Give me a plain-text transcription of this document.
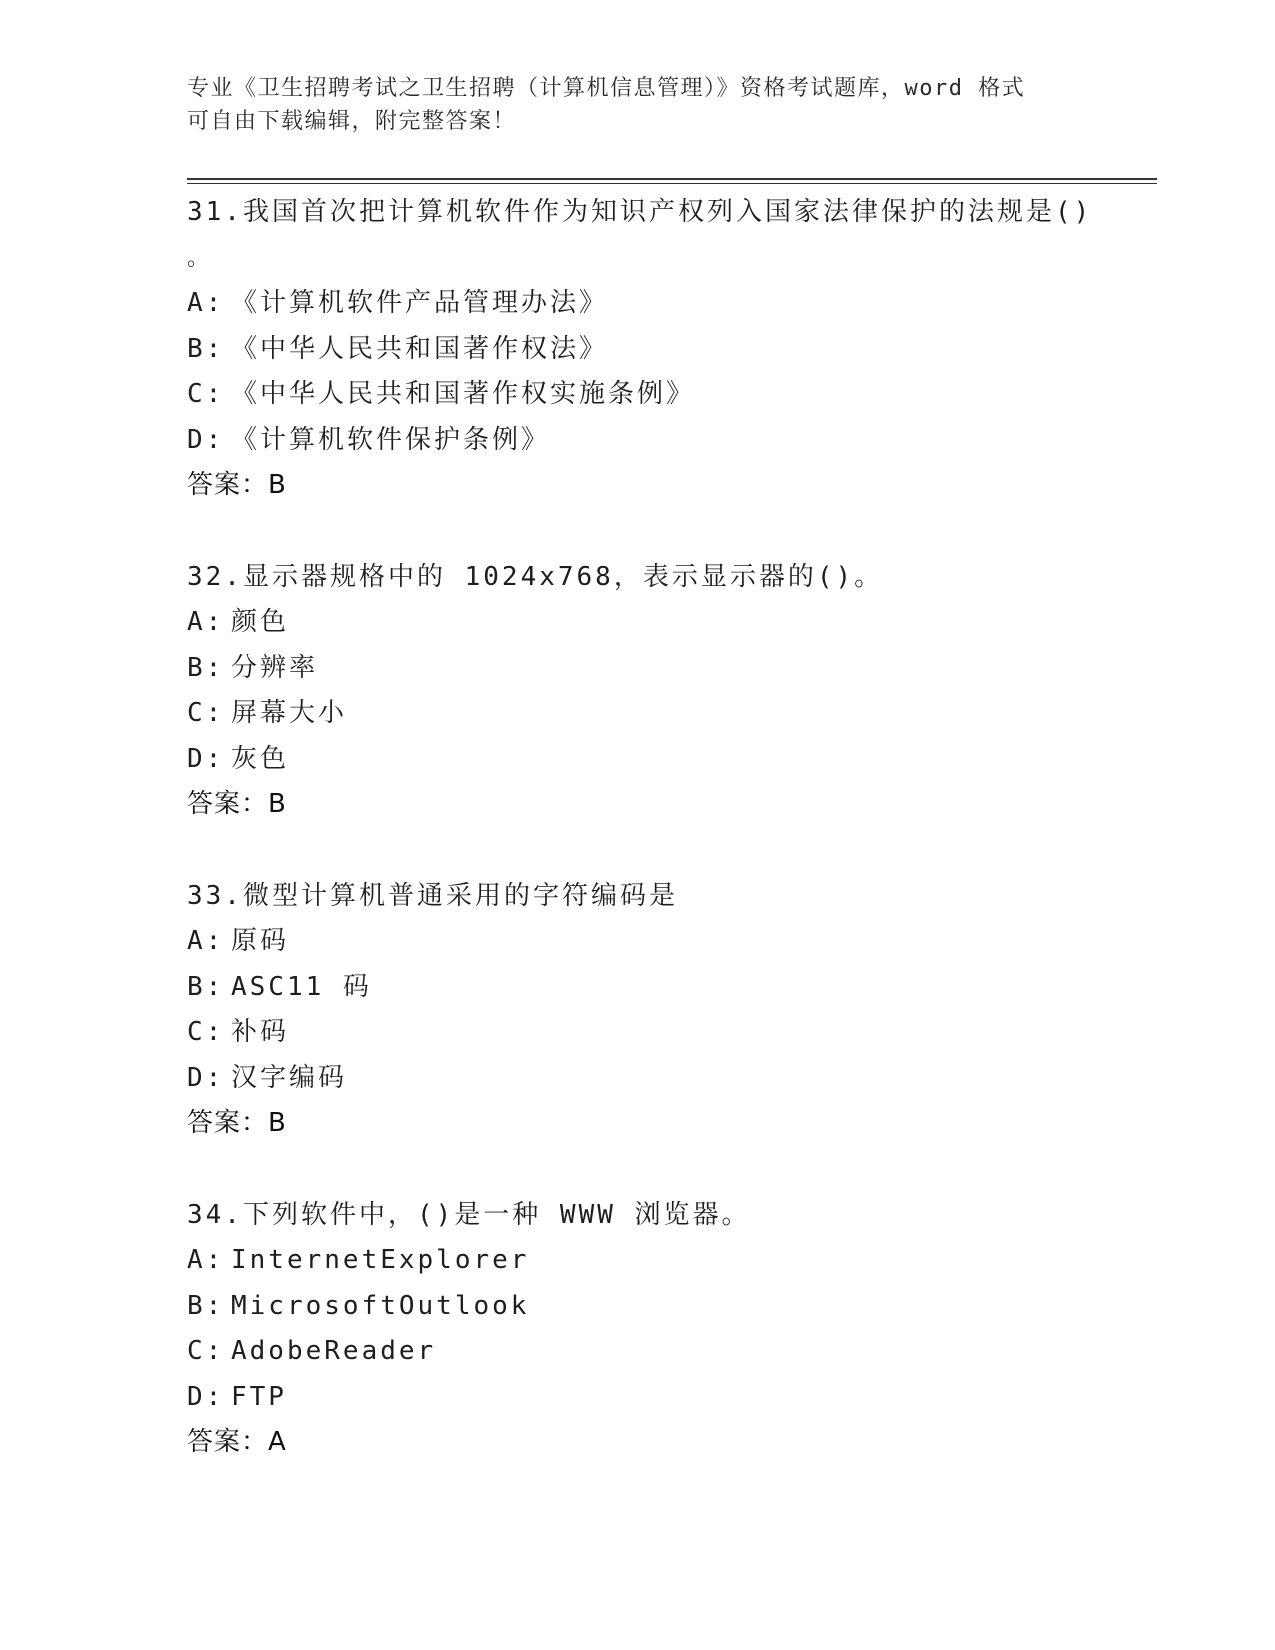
专业《卫生招聘考试之卫生招聘（计算机信息管理）》资格考试题库，word 格式
可自由下载编辑，附完整答案！
31.我国首次把计算机软件作为知识产权列入国家法律保护的法规是()
。
A: 《计算机软件产品管理办法》
B: 《中华人民共和国著作权法》
C: 《中华人民共和国著作权实施条例》
D: 《计算机软件保护条例》
答案：B
32.显示器规格中的 1024x768，表示显示器的()。
A: 颜色
B: 分辨率
C: 屏幕大小
D: 灰色
答案：B
33.微型计算机普通采用的字符编码是
A: 原码
B: ASC11 码
C: 补码
D: 汉字编码
答案：B
34.下列软件中，()是一种 WWW 浏览器。
A: InternetExplorer
B: MicrosoftOutlook
C: AdobeReader
D: FTP
答案：A
